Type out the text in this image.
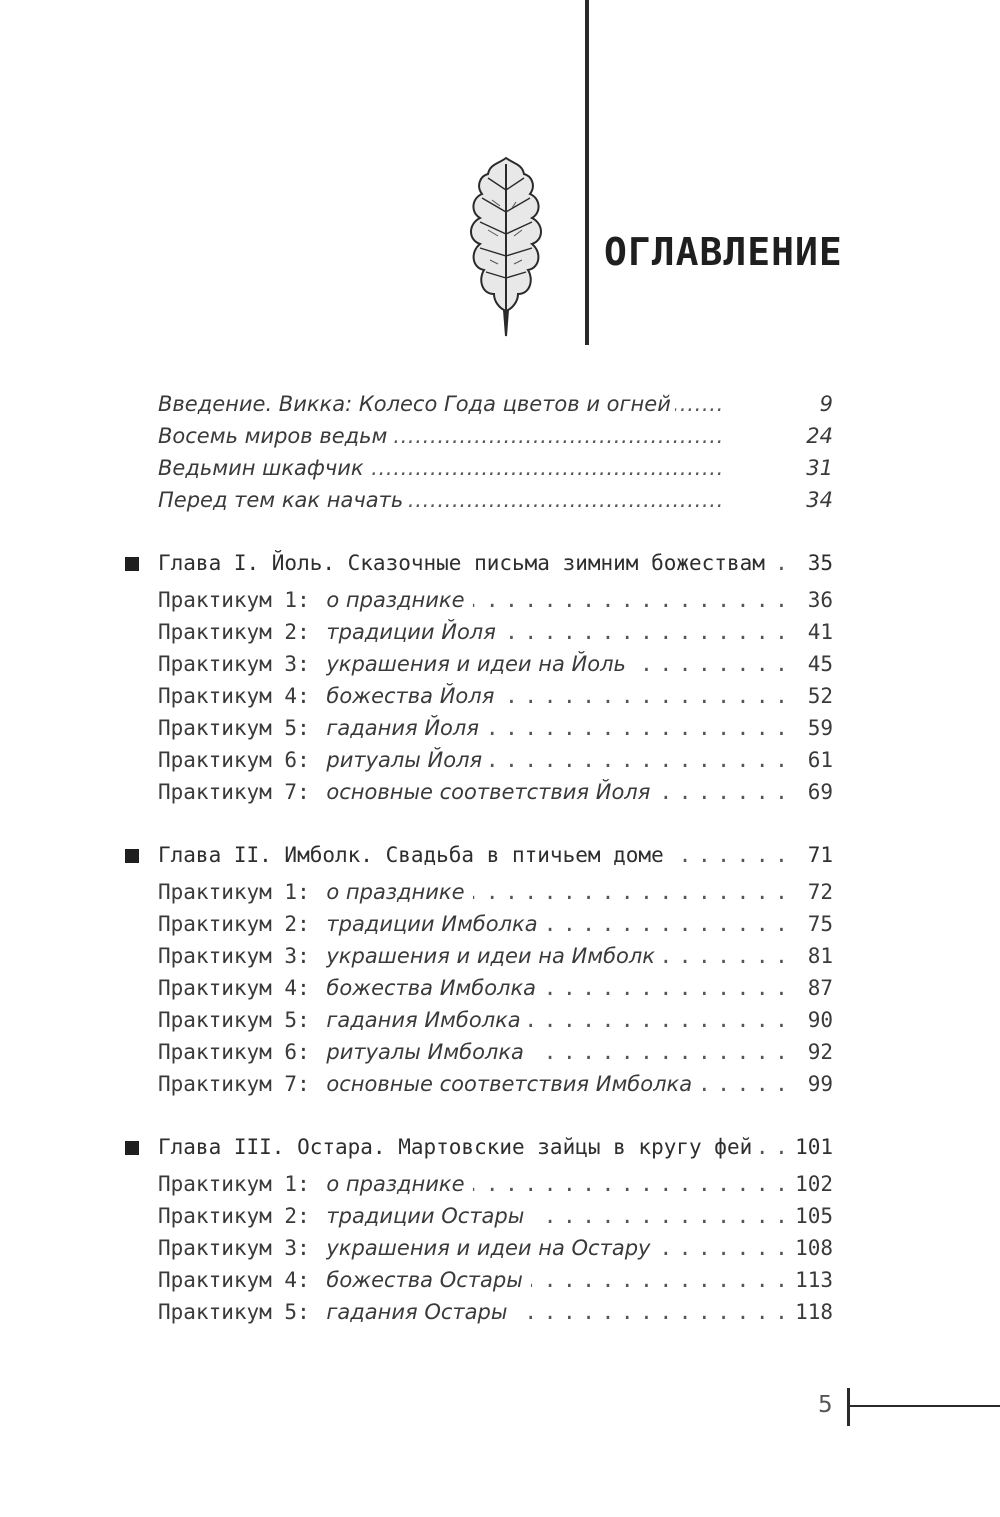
ОГЛАВЛЕНИЕ
Введение. Викка: Колесо Года цветов и огней . . .	9
Восемь миров ведьм . . .	24
Ведьмин шкафчик . . .	31
Перед тем как начать . . .	34
Глава I. Йоль. Сказочные письма зимним божествам . . .	35
Практикум 1: о празднике . . .	36
Практикум 2: традиции Йоля . . .	41
Практикум 3: украшения и идеи на Йоль . . .	45
Практикум 4: божества Йоля . . .	52
Практикум 5: гадания Йоля . . .	59
Практикум 6: ритуалы Йоля . . .	61
Практикум 7: основные соответствия Йоля . . .	69
Глава II. Имболк. Свадьба в птичьем доме . . .	71
Практикум 1: о празднике . . .	72
Практикум 2: традиции Имболка . . .	75
Практикум 3: украшения и идеи на Имболк . . .	81
Практикум 4: божества Имболка . . .	87
Практикум 5: гадания Имболка . . .	90
Практикум 6: ритуалы Имболка . . .	92
Практикум 7: основные соответствия Имболка . . .	99
Глава III. Остара. Мартовские зайцы в кругу фей . . .	101
Практикум 1: о празднике . . .	102
Практикум 2: традиции Остары . . .	105
Практикум 3: украшения и идеи на Остару . . .	108
Практикум 4: божества Остары . . .	113
Практикум 5: гадания Остары . . .	118
5
